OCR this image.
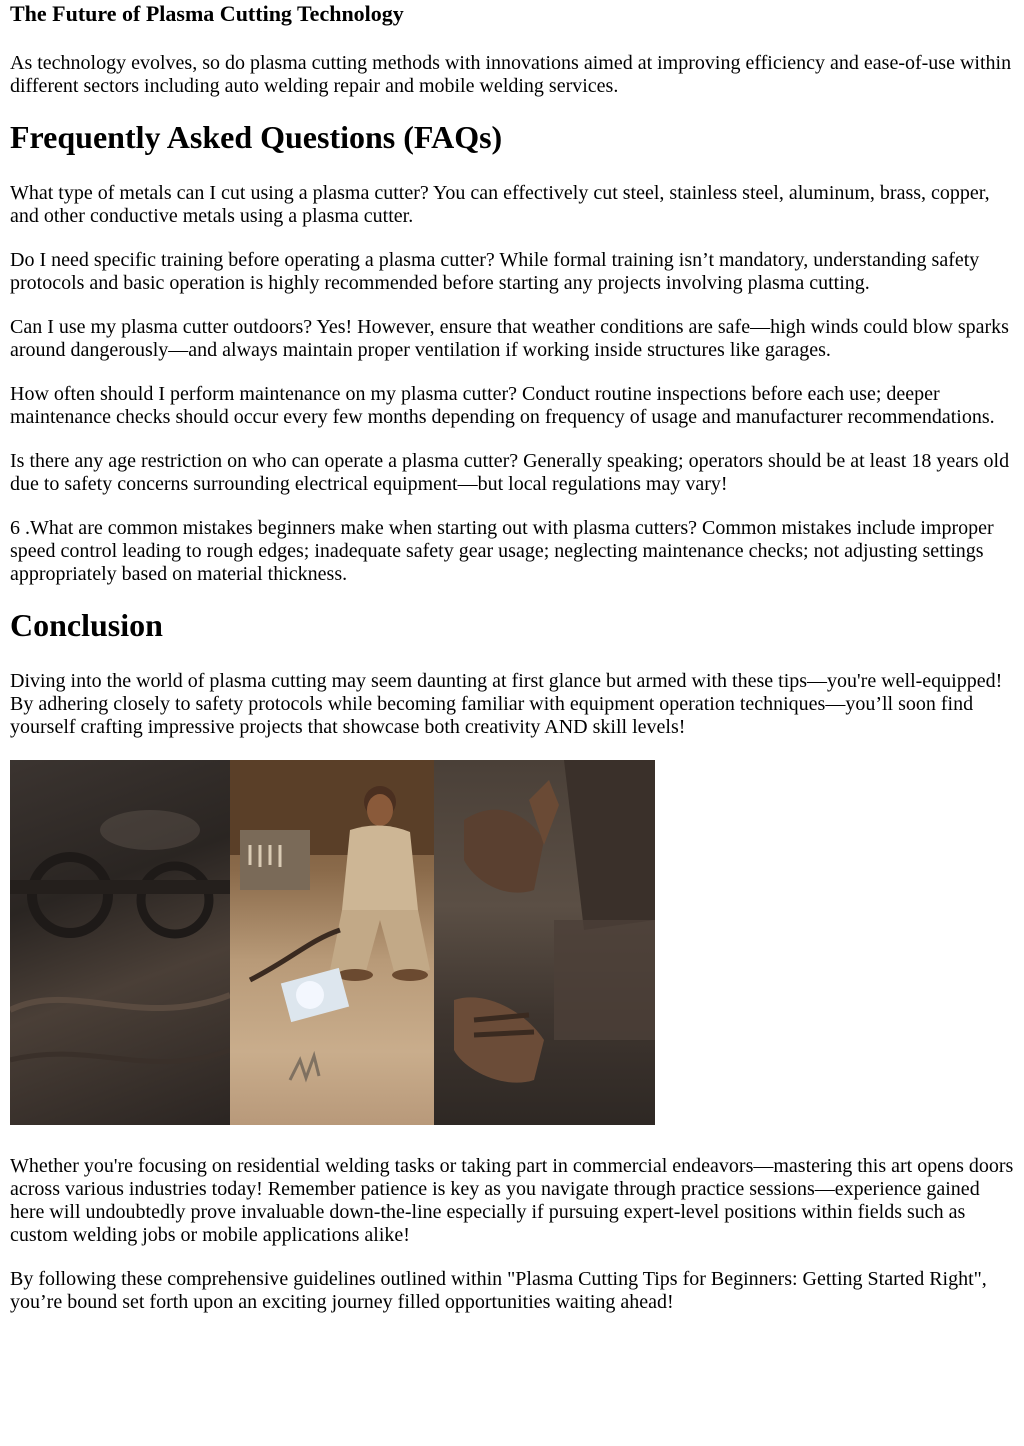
The Future of Plasma Cutting Technology

As technology evolves, so do plasma cutting methods with innovations aimed at improving efficiency and ease-of-use within different sectors including auto welding repair and mobile welding services.

Frequently Asked Questions (FAQs)

What type of metals can I cut using a plasma cutter? You can effectively cut steel, stainless steel, aluminum, brass, copper, and other conductive metals using a plasma cutter.

Do I need specific training before operating a plasma cutter? While formal training isn’t mandatory, understanding safety protocols and basic operation is highly recommended before starting any projects involving plasma cutting.

Can I use my plasma cutter outdoors? Yes! However, ensure that weather conditions are safe—high winds could blow sparks around dangerously—and always maintain proper ventilation if working inside structures like garages.

How often should I perform maintenance on my plasma cutter? Conduct routine inspections before each use; deeper maintenance checks should occur every few months depending on frequency of usage and manufacturer recommendations.

Is there any age restriction on who can operate a plasma cutter? Generally speaking; operators should be at least 18 years old due to safety concerns surrounding electrical equipment—but local regulations may vary!

6 .What are common mistakes beginners make when starting out with plasma cutters? Common mistakes include improper speed control leading to rough edges; inadequate safety gear usage; neglecting maintenance checks; not adjusting settings appropriately based on material thickness.

Conclusion

Diving into the world of plasma cutting may seem daunting at first glance but armed with these tips—you're well-equipped! By adhering closely to safety protocols while becoming familiar with equipment operation techniques—you’ll soon find yourself crafting impressive projects that showcase both creativity AND skill levels!

Whether you're focusing on residential welding tasks or taking part in commercial endeavors—mastering this art opens doors across various industries today! Remember patience is key as you navigate through practice sessions—experience gained here will undoubtedly prove invaluable down-the-line especially if pursuing expert-level positions within fields such as custom welding jobs or mobile applications alike!

By following these comprehensive guidelines outlined within "Plasma Cutting Tips for Beginners: Getting Started Right", you’re bound set forth upon an exciting journey filled opportunities waiting ahead!
